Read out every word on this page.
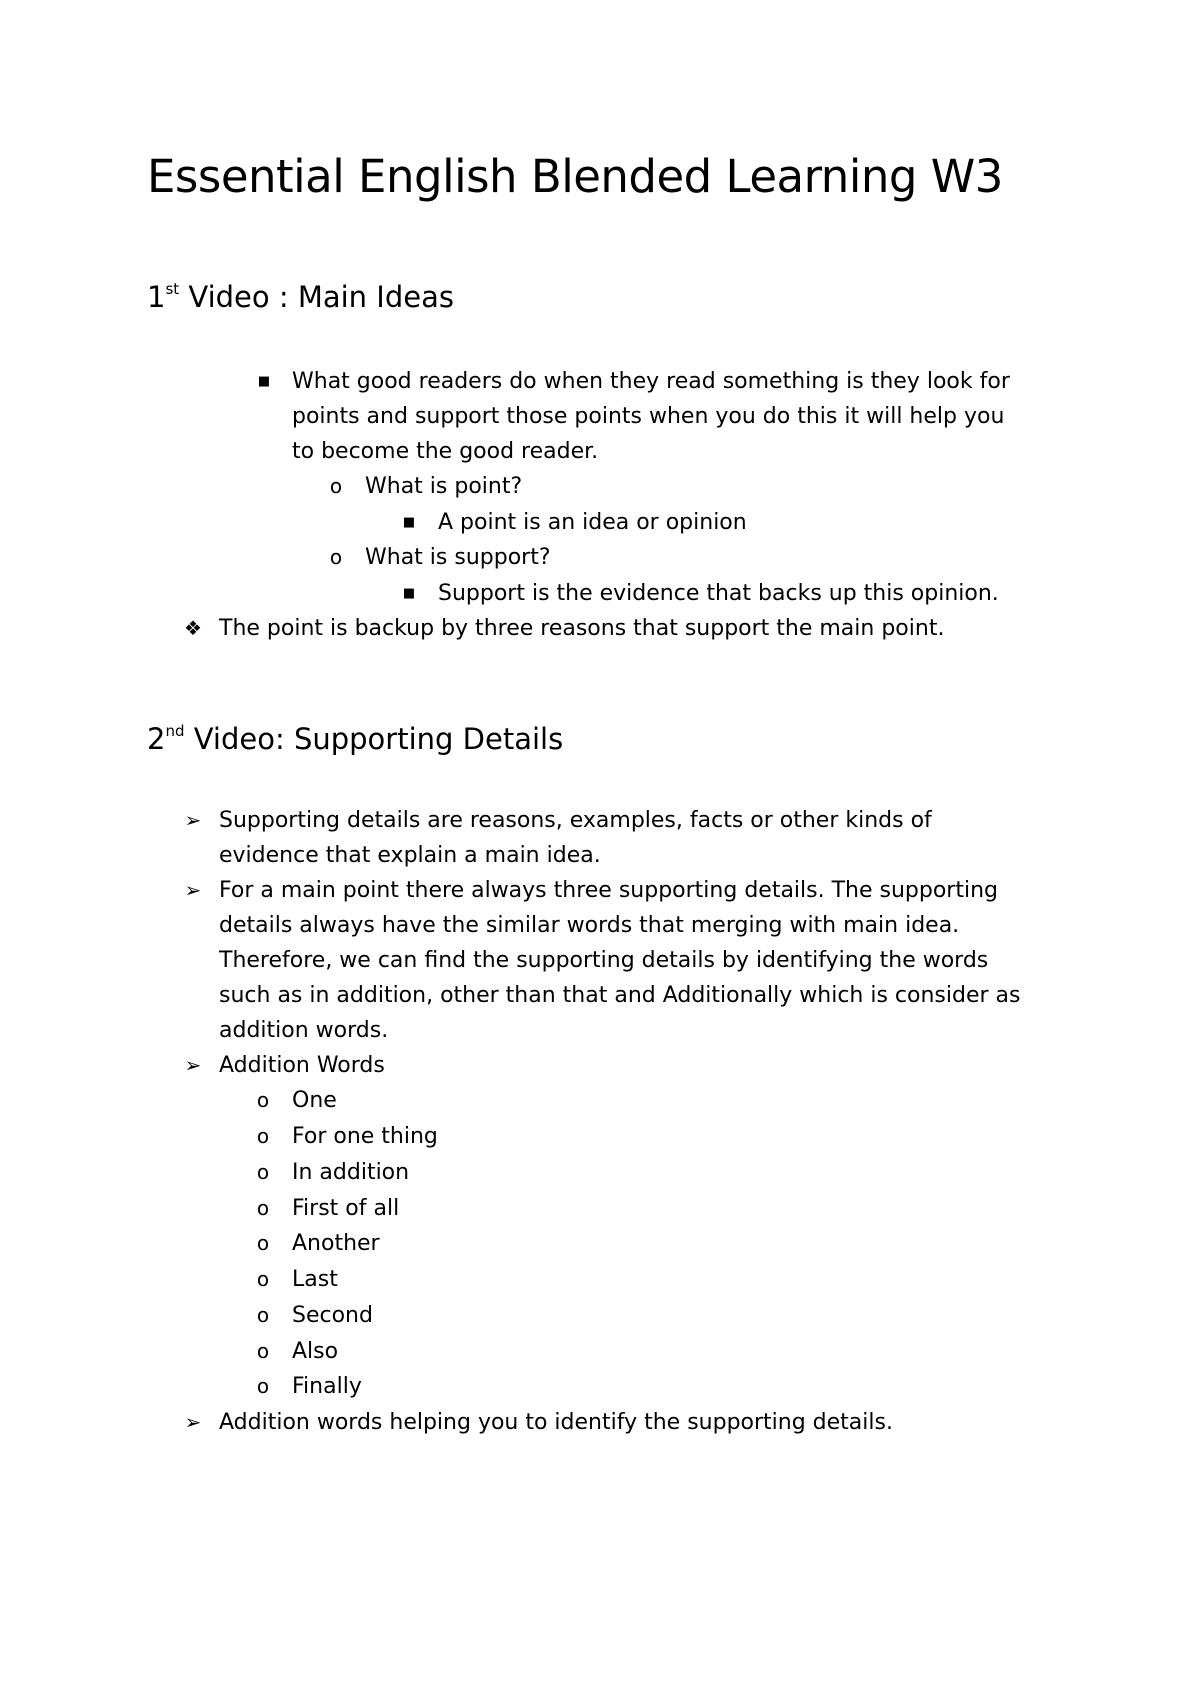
Essential English Blended Learning W3
1st Video : Main Ideas
■ What good readers do when they read something is they look for

points and support those points when you do this it will help you

to become the good reader.

o What is point?

■ A point is an idea or opinion

o What is support?

■ Support is the evidence that backs up this opinion.

❖ The point is backup by three reasons that support the main point.

2nd Video: Supporting Details
➢ Supporting details are reasons, examples, facts or other kinds of

evidence that explain a main idea.

➢ For a main point there always three supporting details. The supporting

details always have the similar words that merging with main idea.

Therefore, we can find the supporting details by identifying the words

such as in addition, other than that and Additionally which is consider as

addition words.

➢ Addition Words

o One

o For one thing

o In addition

o First of all

o Another

o Last

o Second

o Also

o Finally

➢ Addition words helping you to identify the supporting details.
